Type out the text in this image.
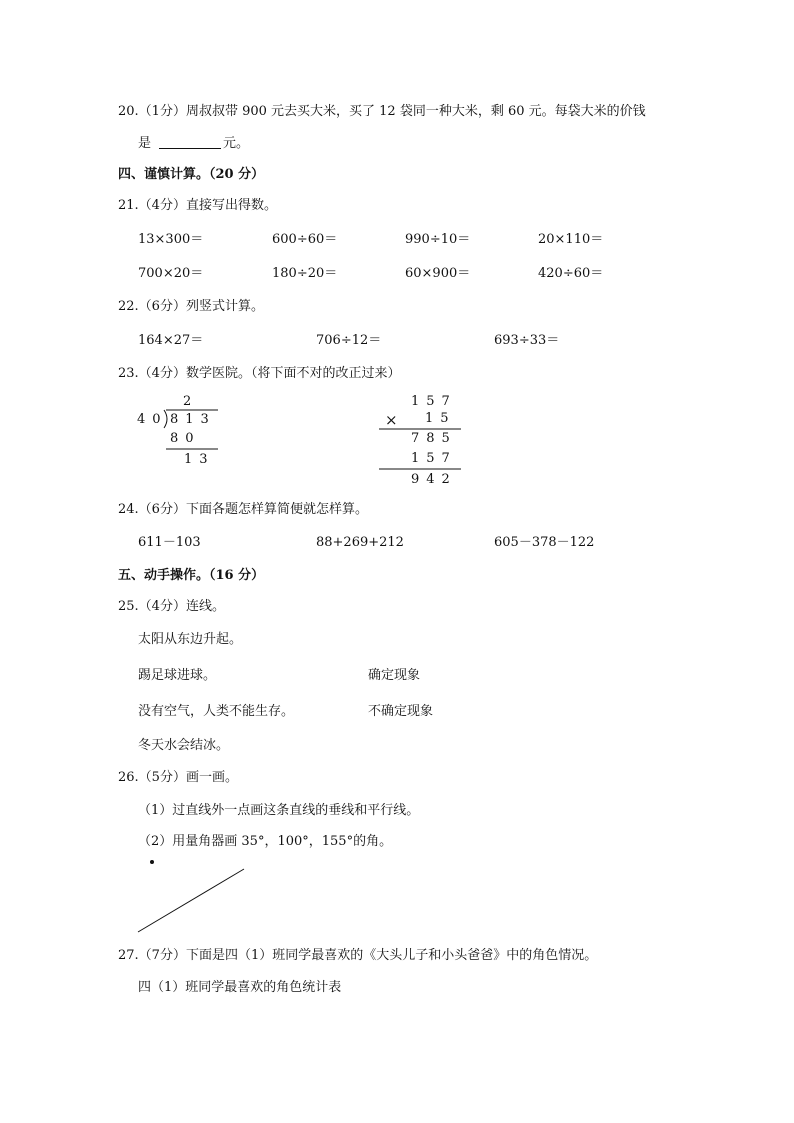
20.（1分）周叔叔带 900 元去买大米，买了 12 袋同一种大米，剩 60 元。每袋大米的价钱
是	元。
四、谨慎计算。（20 分）
21.（4分）直接写出得数。
13×300＝	600÷60＝	990÷10＝	20×110＝
700×20＝	180÷20＝	60×900＝	420÷60＝
22.（6分）列竖式计算。
164×27＝	706÷12＝	693÷33＝
23.（4分）数学医院。（将下面不对的改正过来）
2
40 813
80
13
157
× 15
785
157
942
24.（6分）下面各题怎样算简便就怎样算。
611－103	88+269+212	605－378－122
五、动手操作。（16 分）
25.（4分）连线。
太阳从东边升起。
踢足球进球。	确定现象
没有空气，人类不能生存。	不确定现象
冬天水会结冰。
26.（5分）画一画。
（1）过直线外一点画这条直线的垂线和平行线。
（2）用量角器画 35°，100°，155°的角。
27.（7分）下面是四（1）班同学最喜欢的《大头儿子和小头爸爸》中的角色情况。
四（1）班同学最喜欢的角色统计表
